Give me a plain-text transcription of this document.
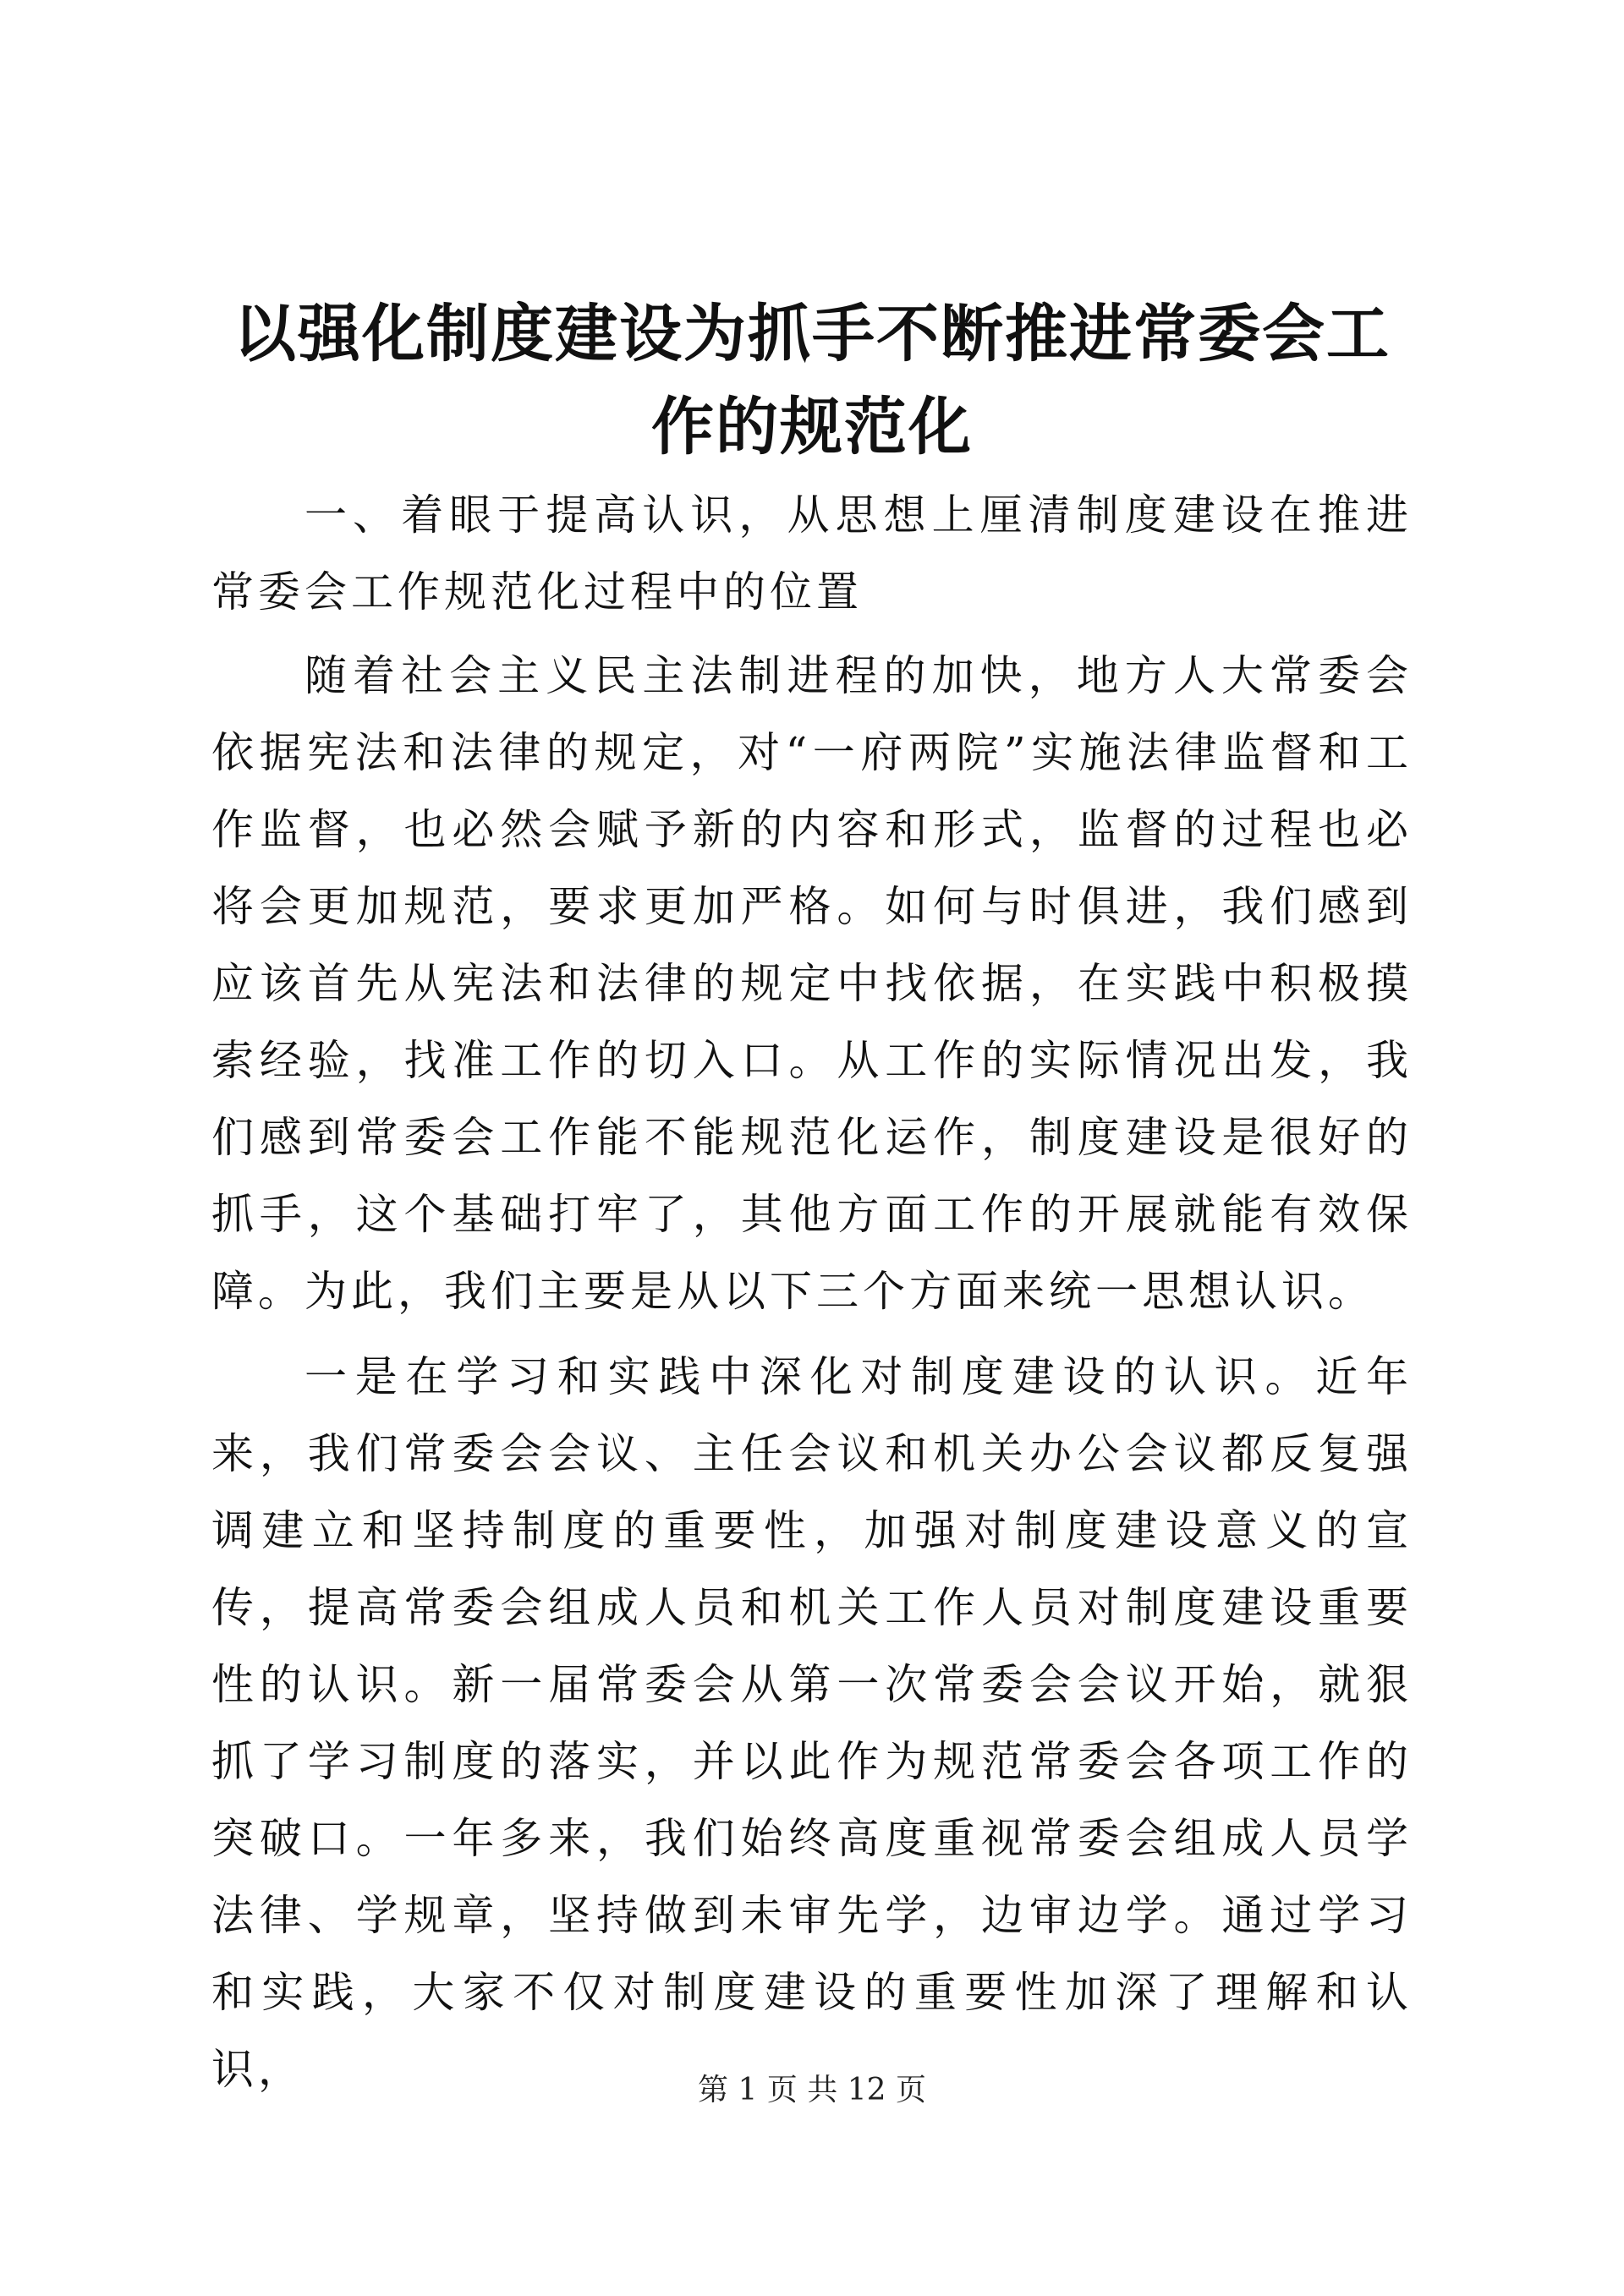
以强化制度建设为抓手不断推进常委会工作的规范化

一、着眼于提高认识，从思想上厘清制度建设在推进常委会工作规范化过程中的位置

随着社会主义民主法制进程的加快，地方人大常委会依据宪法和法律的规定，对“一府两院”实施法律监督和工作监督，也必然会赋予新的内容和形式，监督的过程也必将会更加规范，要求更加严格。如何与时俱进，我们感到应该首先从宪法和法律的规定中找依据，在实践中积极摸索经验，找准工作的切入口。从工作的实际情况出发，我们感到常委会工作能不能规范化运作，制度建设是很好的抓手，这个基础打牢了，其他方面工作的开展就能有效保障。为此，我们主要是从以下三个方面来统一思想认识。

一是在学习和实践中深化对制度建设的认识。近年来，我们常委会会议、主任会议和机关办公会议都反复强调建立和坚持制度的重要性，加强对制度建设意义的宣传，提高常委会组成人员和机关工作人员对制度建设重要性的认识。新一届常委会从第一次常委会会议开始，就狠抓了学习制度的落实，并以此作为规范常委会各项工作的突破口。一年多来，我们始终高度重视常委会组成人员学法律、学规章，坚持做到未审先学，边审边学。通过学习和实践，大家不仅对制度建设的重要性加深了理解和认识，	第 1 页 共 12 页
